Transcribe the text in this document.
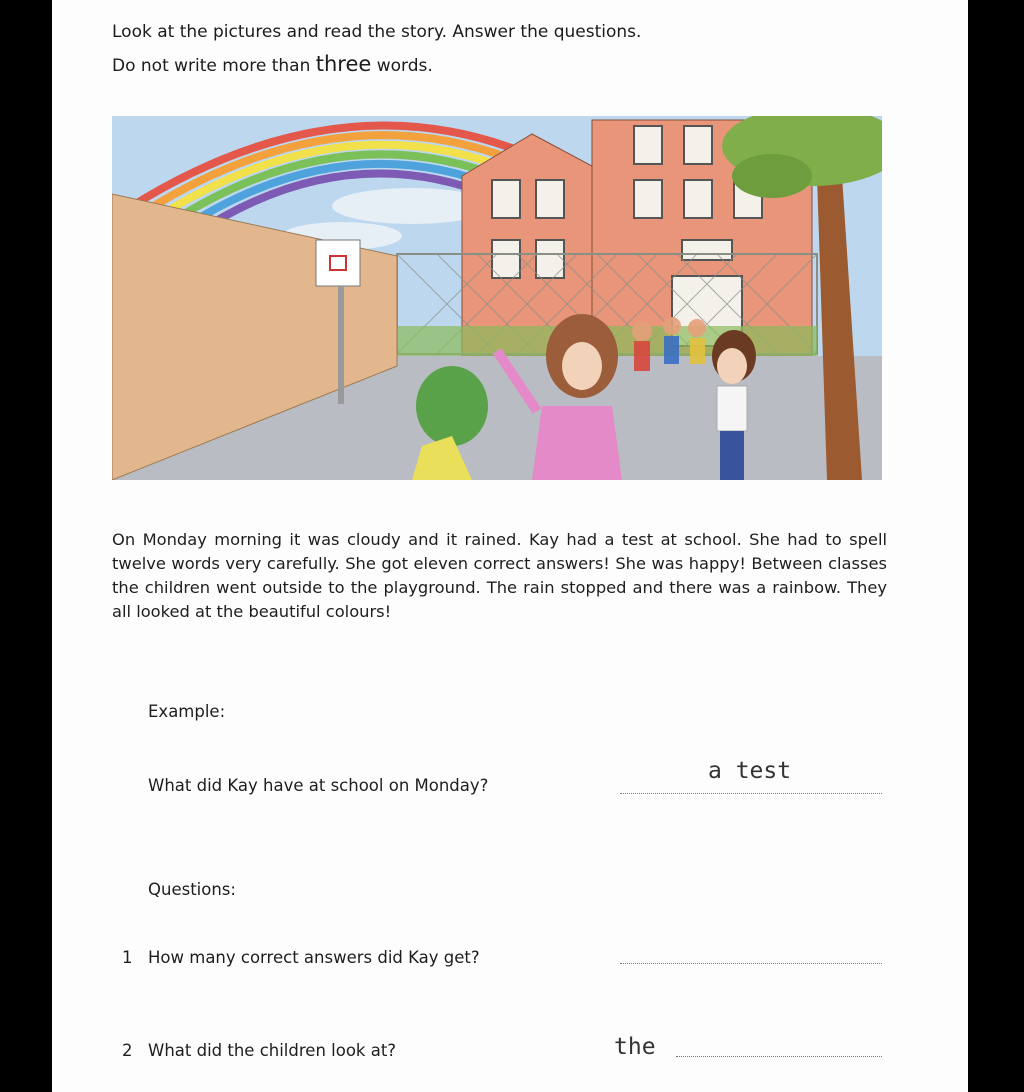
Look at the pictures and read the story. Answer the questions.
Do not write more than three words.
On Monday morning it was cloudy and it rained. Kay had a test at school. She had to spell twelve words very carefully. She got eleven correct answers! She was happy! Between classes the children went outside to the playground. The rain stopped and there was a rainbow. They all looked at the beautiful colours!
Example:
What did Kay have at school on Monday?
a test
Questions:
1 How many correct answers did Kay get?
2 What did the children look at?	the
